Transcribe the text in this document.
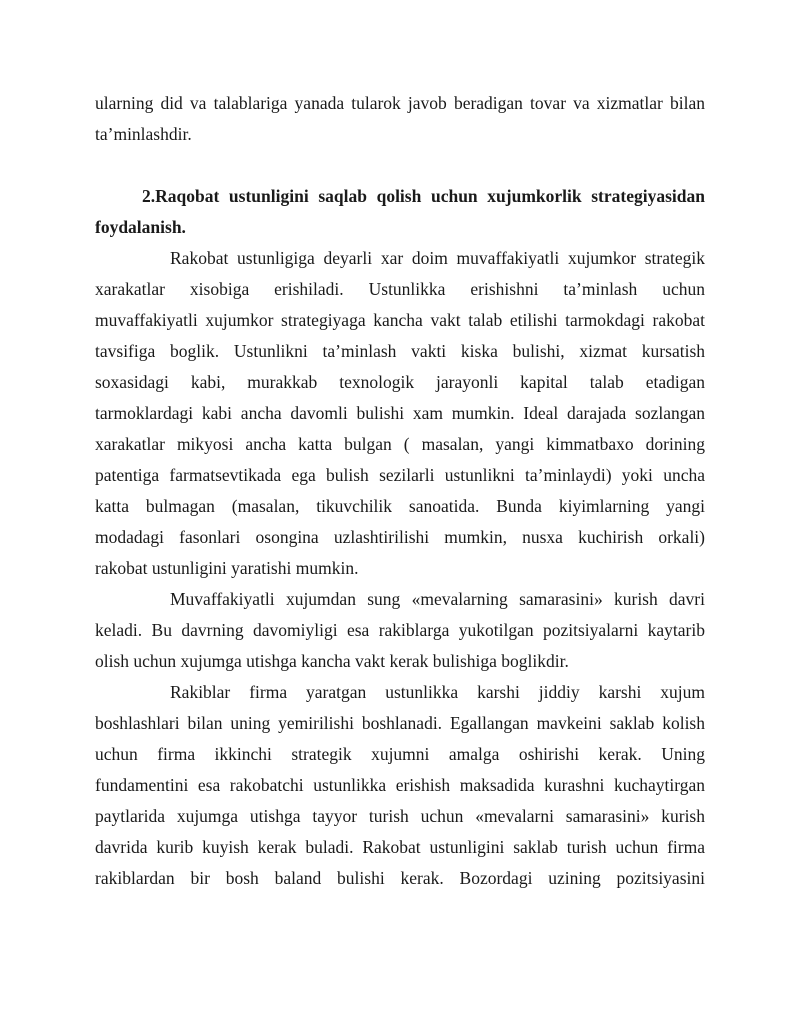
ularning did va talablariga yanada tularok javob beradigan tovar va xizmatlar bilan
ta’minlashdir.
2.Raqobat ustunligini saqlab qolish uchun xujumkorlik strategiyasidan
foydalanish.
Rakobat ustunligiga deyarli xar doim muvaffakiyatli xujumkor strategik
xarakatlar xisobiga erishiladi. Ustunlikka erishishni ta’minlash uchun
muvaffakiyatli xujumkor strategiyaga kancha vakt talab etilishi tarmokdagi rakobat
tavsifiga boglik. Ustunlikni ta’minlash vakti kiska bulishi, xizmat kursatish
soxasidagi kabi, murakkab texnologik jarayonli kapital talab etadigan
tarmoklardagi kabi ancha davomli bulishi xam mumkin. Ideal darajada sozlangan
xarakatlar mikyosi ancha katta bulgan ( masalan, yangi kimmatbaxo dorining
patentiga farmatsevtikada ega bulish sezilarli ustunlikni ta’minlaydi) yoki uncha
katta bulmagan (masalan, tikuvchilik sanoatida. Bunda kiyimlarning yangi
modadagi fasonlari osongina uzlashtirilishi mumkin, nusxa kuchirish orkali)
rakobat ustunligini yaratishi mumkin.
Muvaffakiyatli xujumdan sung «mevalarning samarasini» kurish davri
keladi. Bu davrning davomiyligi esa rakiblarga yukotilgan pozitsiyalarni kaytarib
olish uchun xujumga utishga kancha vakt kerak bulishiga boglikdir.
Rakiblar firma yaratgan ustunlikka karshi jiddiy karshi xujum
boshlashlari bilan uning yemirilishi boshlanadi. Egallangan mavkeini saklab kolish
uchun firma ikkinchi strategik xujumni amalga oshirishi kerak. Uning
fundamentini esa rakobatchi ustunlikka erishish maksadida kurashni kuchaytirgan
paytlarida xujumga utishga tayyor turish uchun «mevalarni samarasini» kurish
davrida kurib kuyish kerak buladi. Rakobat ustunligini saklab turish uchun firma
rakiblardan bir bosh baland bulishi kerak. Bozordagi uzining pozitsiyasini
